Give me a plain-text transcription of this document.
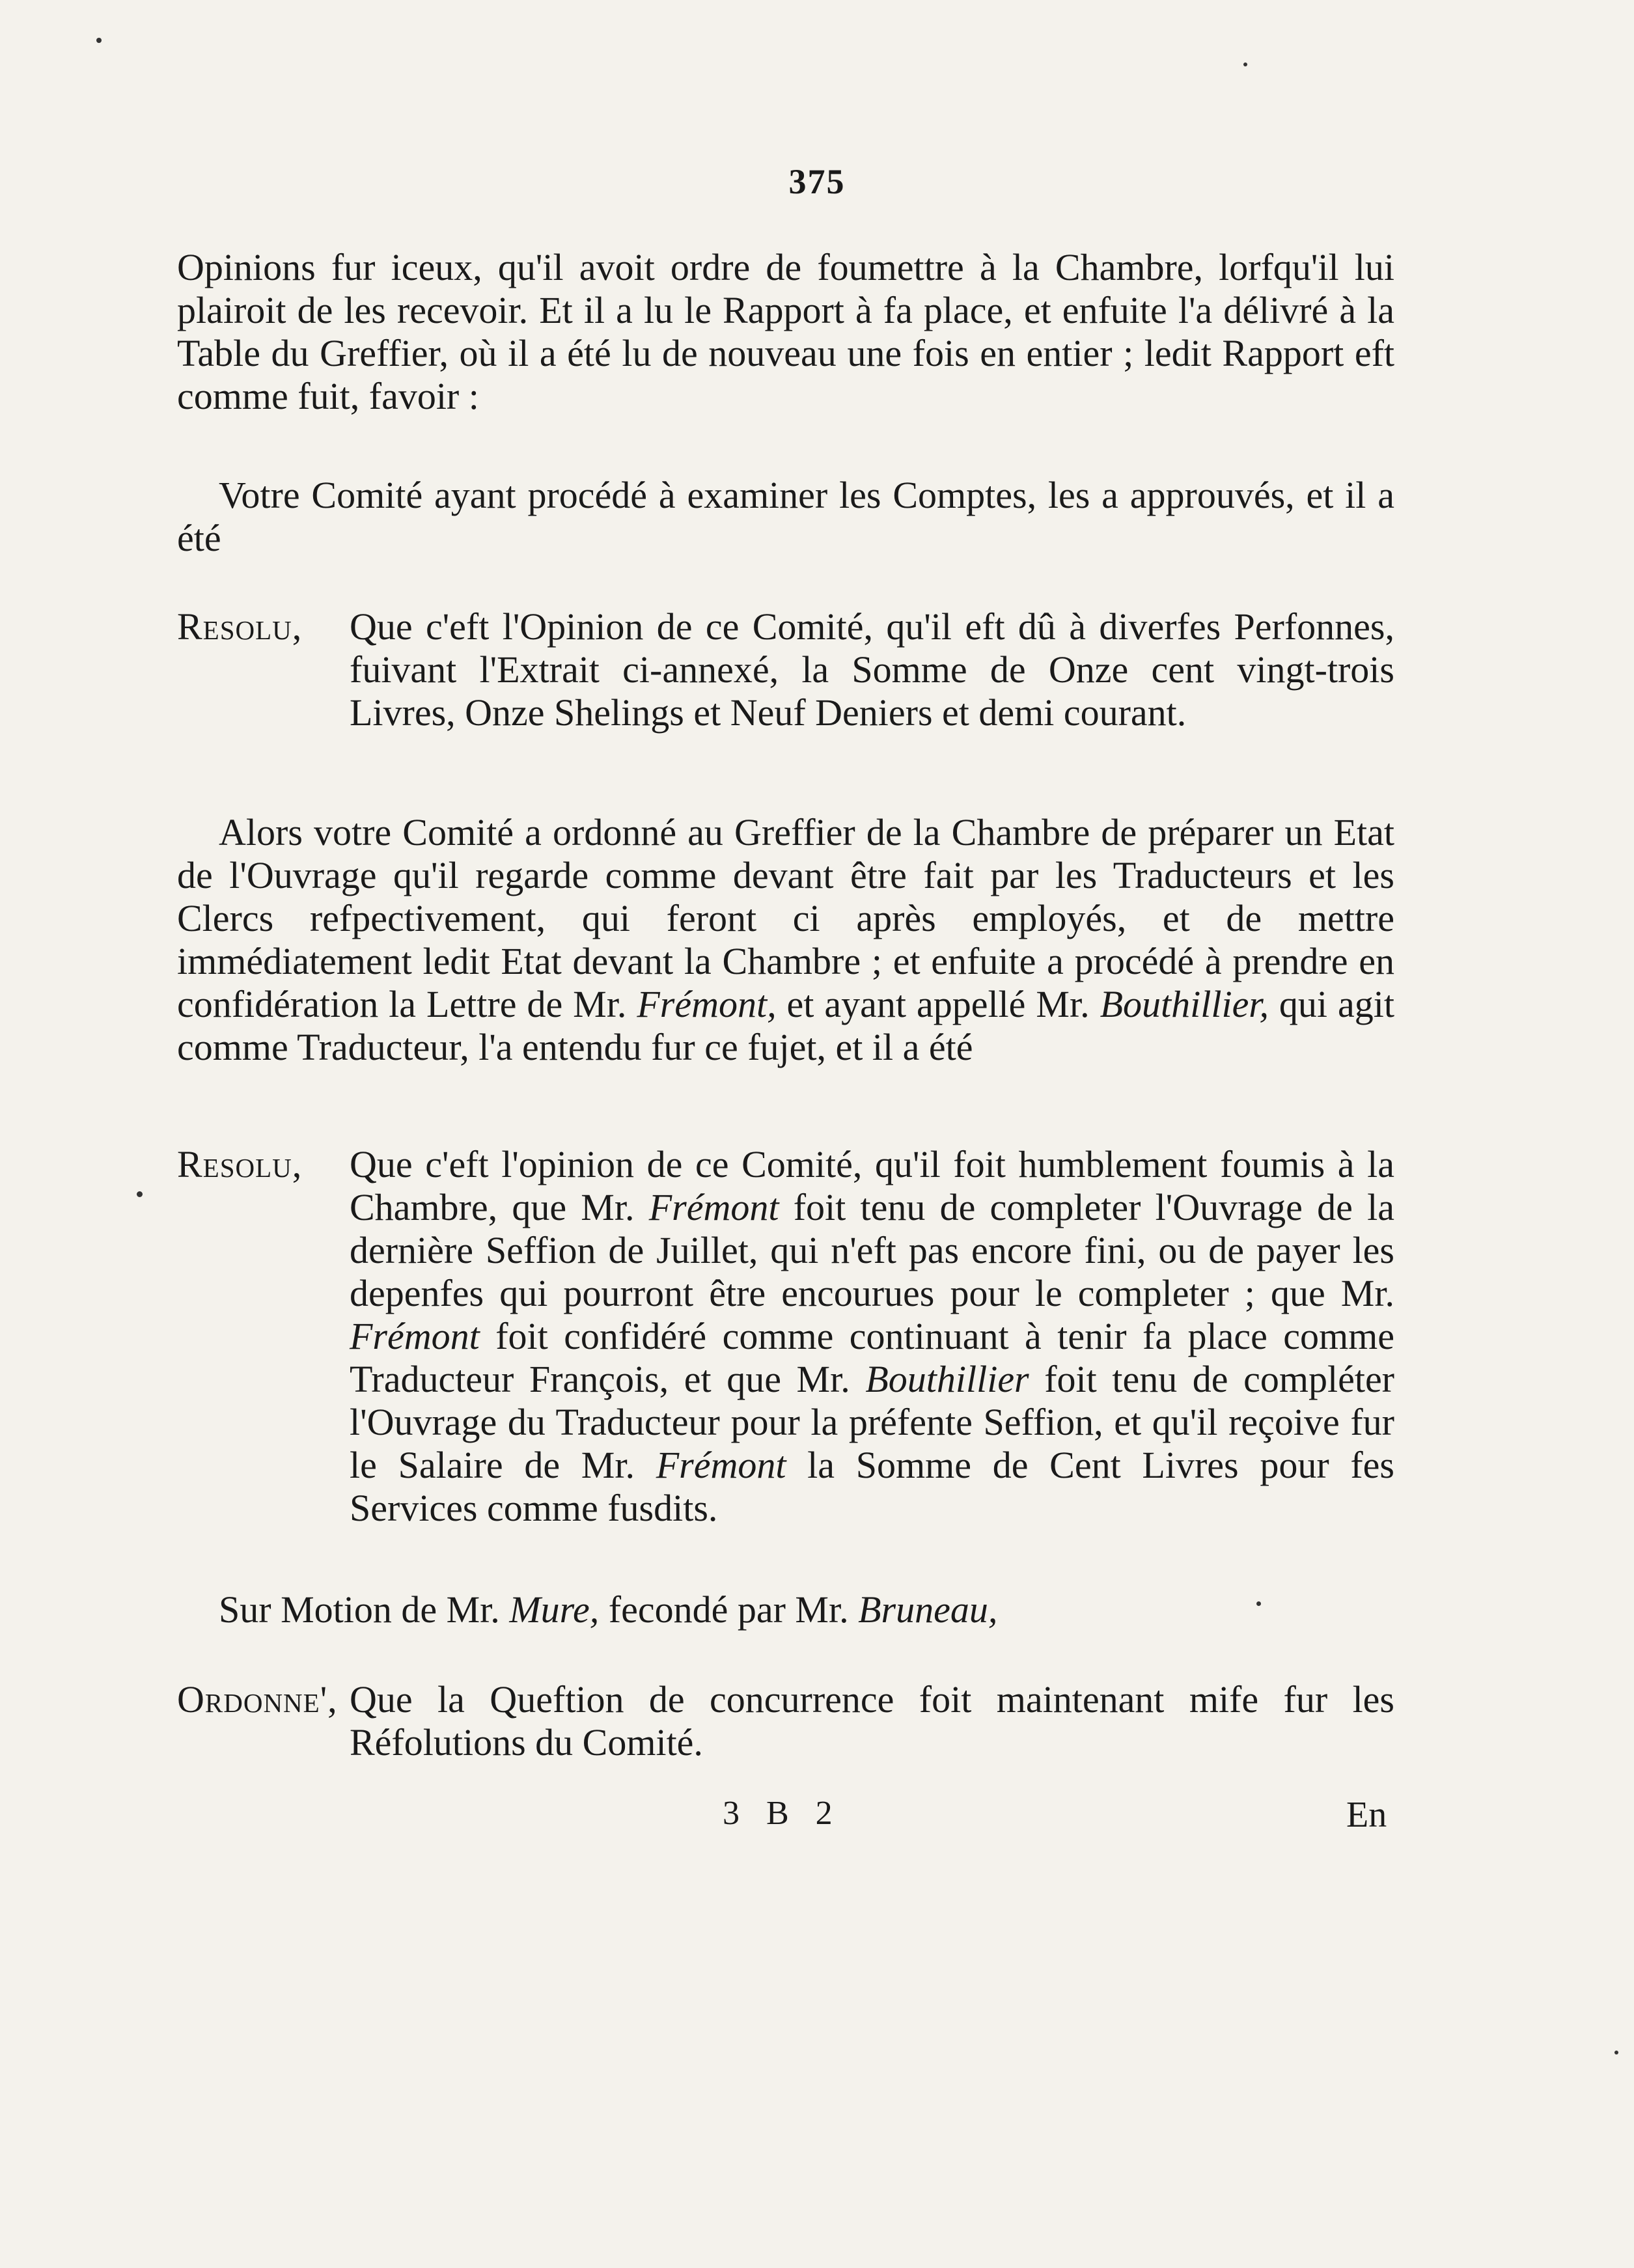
375

Opinions fur iceux, qu'il avoit ordre de foumettre à la Chambre, lorfqu'il lui plairoit de les recevoir. Et il a lu le Rapport à fa place, et enfuite l'a délivré à la Table du Greffier, où il a été lu de nouveau une fois en entier ; ledit Rapport eft comme fuit, favoir :

Votre Comité ayant procédé à examiner les Comptes, les a approuvés, et il a été

Resolu, Que c'eft l'Opinion de ce Comité, qu'il eft dû à diverfes Perfonnes, fuivant l'Extrait ci-annexé, la Somme de Onze cent vingt-trois Livres, Onze Shelings et Neuf Deniers et demi courant.

Alors votre Comité a ordonné au Greffier de la Chambre de préparer un Etat de l'Ouvrage qu'il regarde comme devant être fait par les Traducteurs et les Clercs refpectivement, qui feront ci après employés, et de mettre immédiatement ledit Etat devant la Chambre ; et enfuite a procédé à prendre en confidération la Lettre de Mr. Frémont, et ayant appellé Mr. Bouthillier, qui agit comme Traducteur, l'a entendu fur ce fujet, et il a été

Resolu, Que c'eft l'opinion de ce Comité, qu'il foit humblement foumis à la Chambre, que Mr. Frémont foit tenu de completer l'Ouvrage de la dernière Seffion de Juillet, qui n'eft pas encore fini, ou de payer les depenfes qui pourront être encourues pour le completer ; que Mr. Frémont foit confidéré comme continuant à tenir fa place comme Traducteur François, et que Mr. Bouthillier foit tenu de compléter l'Ouvrage du Traducteur pour la préfente Seffion, et qu'il reçoive fur le Salaire de Mr. Frémont la Somme de Cent Livres pour fes Services comme fusdits.

Sur Motion de Mr. Mure, fecondé par Mr. Bruneau,

Ordonne', Que la Queftion de concurrence foit maintenant mife fur les Réfolutions du Comité.
3 B 2	En
